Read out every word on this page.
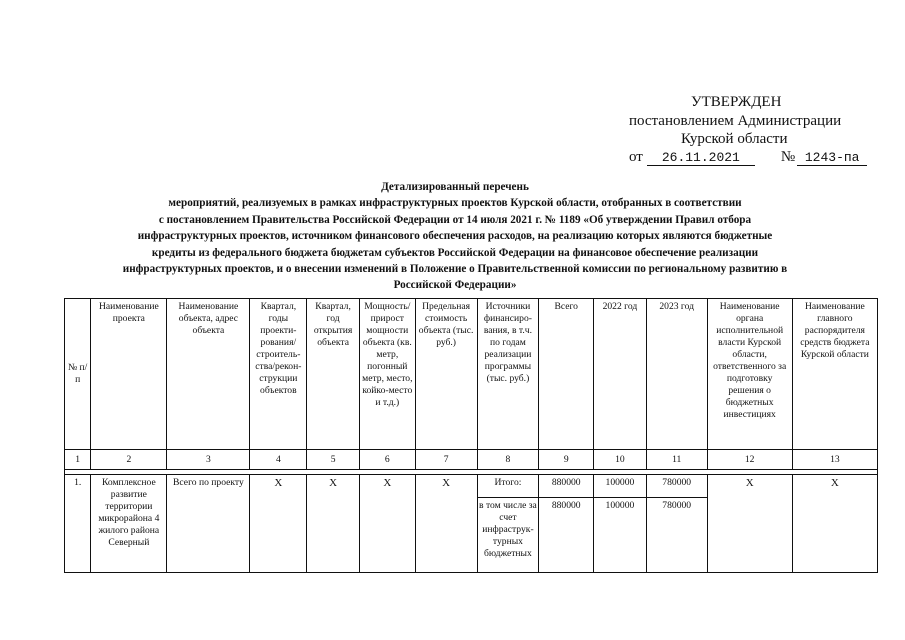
УТВЕРЖДЕН
постановлением Администрации
Курской области
от 26.11.2021	№ 1243-па
Детализированный перечень
мероприятий, реализуемых в рамках инфраструктурных проектов Курской области, отобранных в соответствии
с постановлением Правительства Российской Федерации от 14 июля 2021 г. № 1189 «Об утверждении Правил отбора
инфраструктурных проектов, источником финансового обеспечения расходов, на реализацию которых являются бюджетные
кредиты из федерального бюджета бюджетам субъектов Российской Федерации на финансовое обеспечение реализации
инфраструктурных проектов, и о внесении изменений в Положение о Правительственной комиссии по региональному развитию в
Российской Федерации»
№ п/п	Наименование проекта	Наименование объекта, адрес объекта	Квартал, годы проекти-рования/ строитель-ства/рекон-струкции объектов	Квартал, год открытия объекта	Мощность/ прирост мощности объекта (кв. метр, погонный метр, место, койко-место и т.д.)	Предельная стоимость объекта (тыс. руб.)	Источники финансиро-вания, в т.ч. по годам реализации программы (тыс. руб.)	Всего	2022 год	2023 год	Наименование органа исполнительной власти Курской области, ответственного за подготовку решения о бюджетных инвестициях	Наименование главного распорядителя средств бюджета Курской области
1	2	3	4	5	6	7	8	9	10	11	12	13

1.	Комплексное развитие территории микрорайона 4 жилого района Северный	Всего по проекту	Х	Х	Х	Х	Итого:	880000	100000	780000	Х	Х
							в том числе за счет инфраструк-турных бюджетных	880000	100000	780000		
